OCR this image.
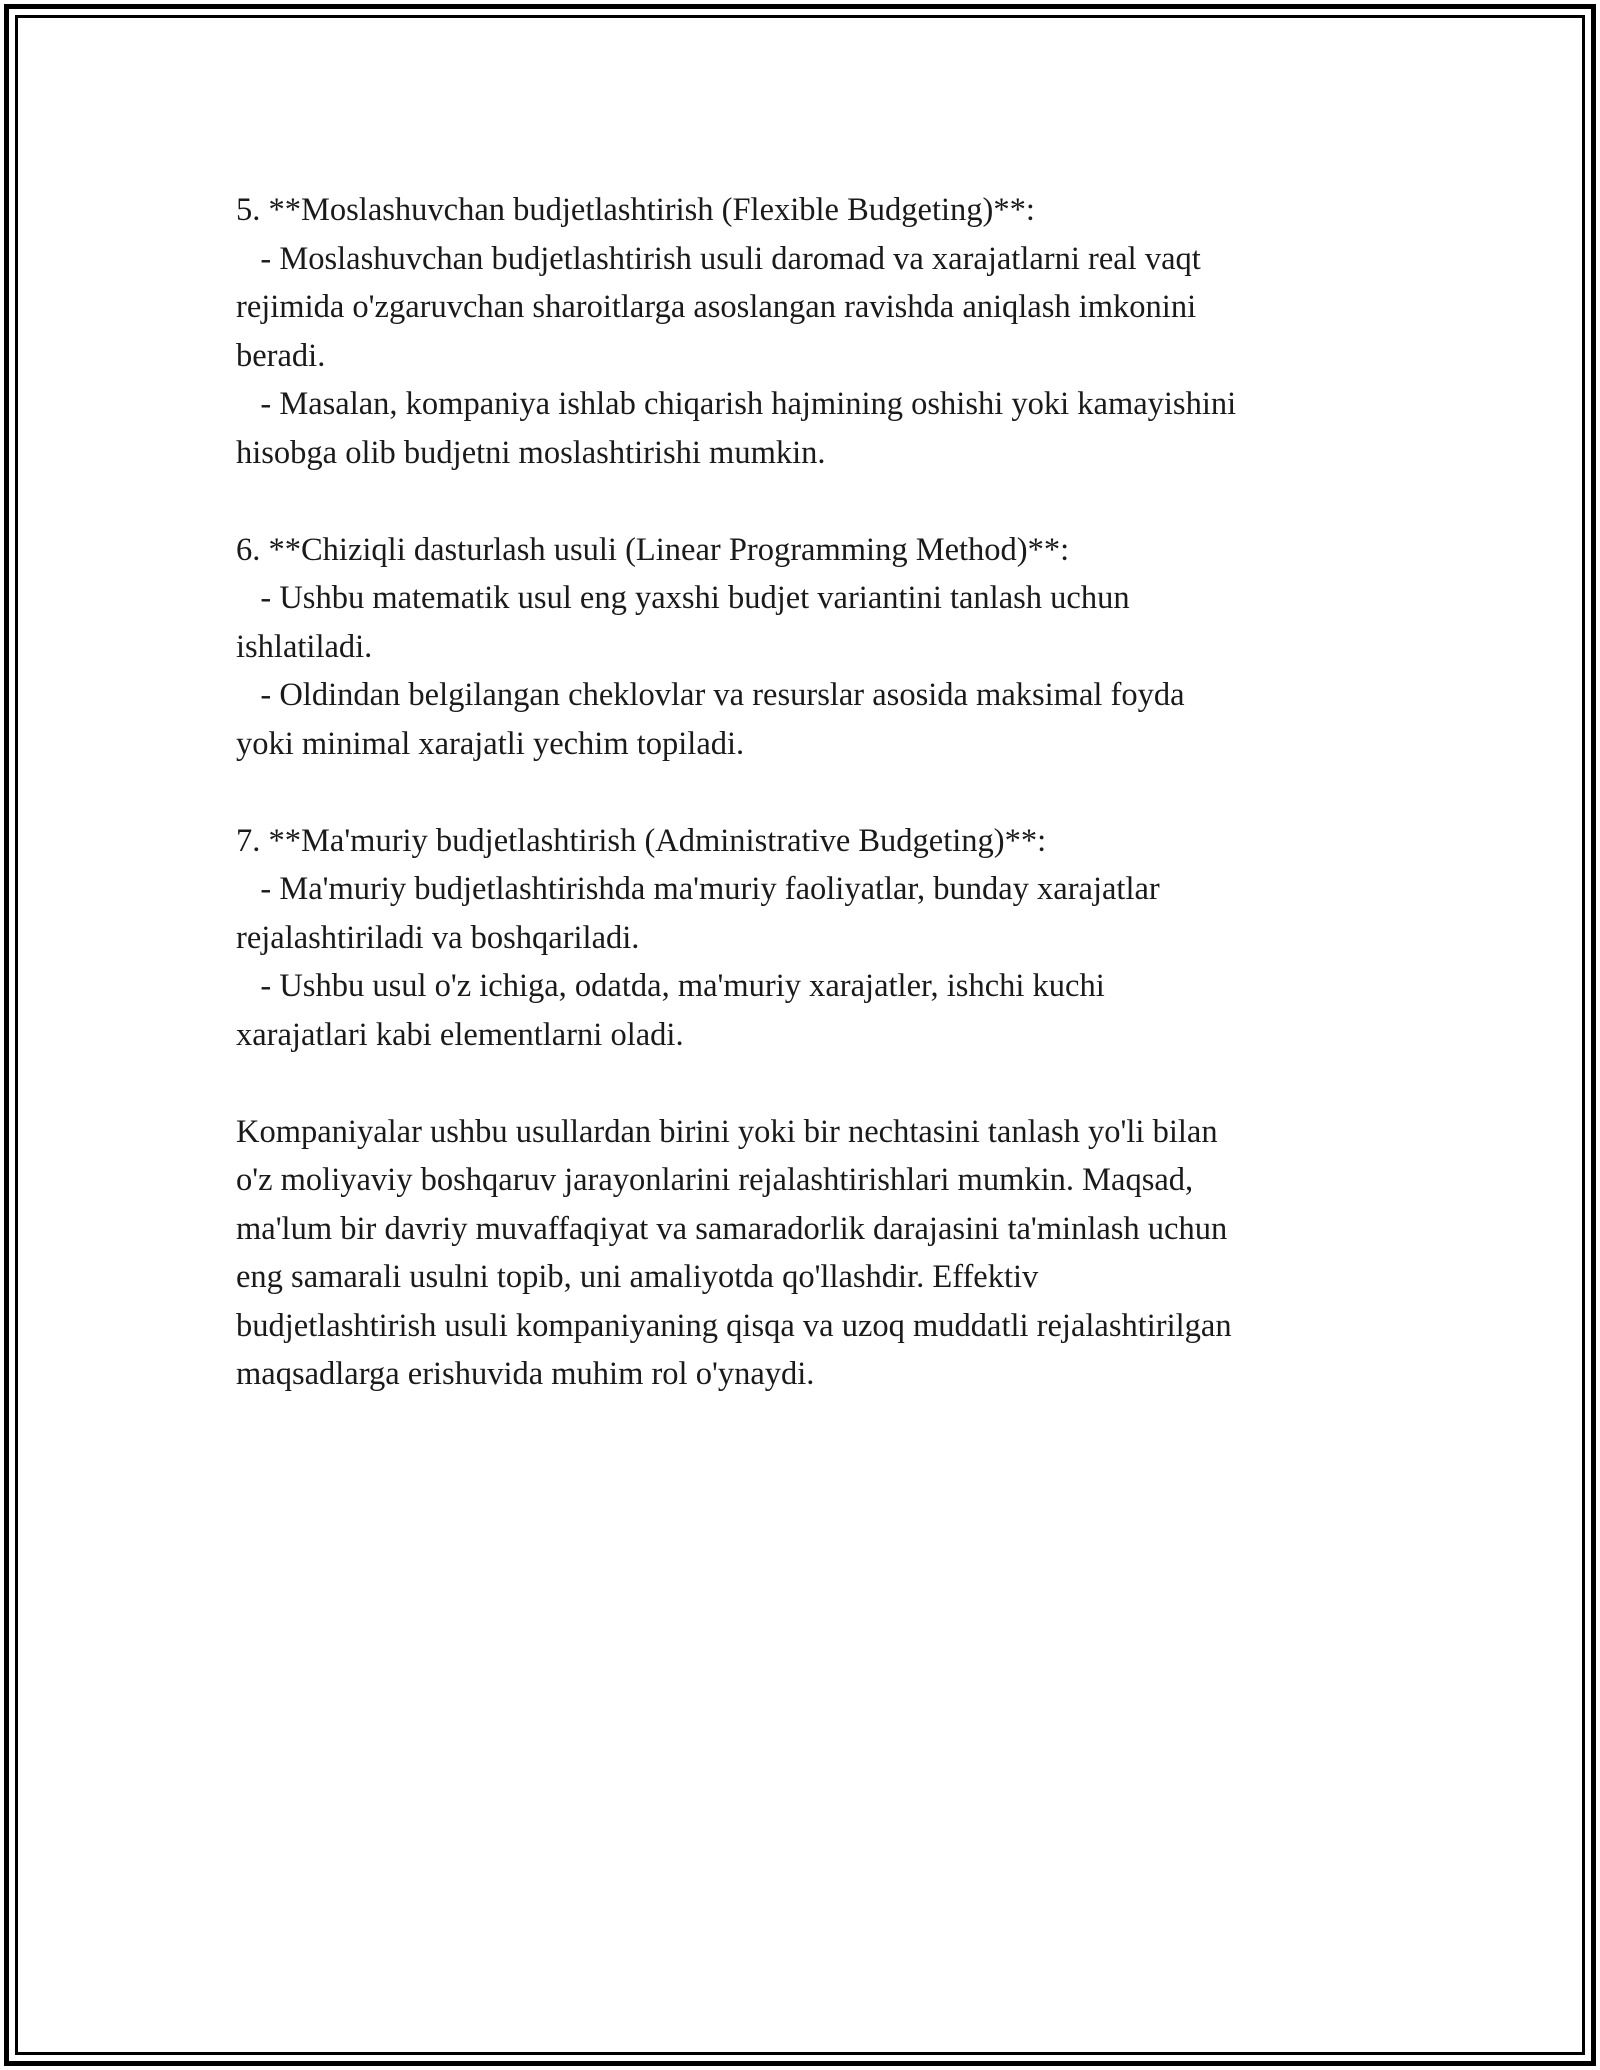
5. **Moslashuvchan budjetlashtirish (Flexible Budgeting)**:
- Moslashuvchan budjetlashtirish usuli daromad va xarajatlarni real vaqt
rejimida o'zgaruvchan sharoitlarga asoslangan ravishda aniqlash imkonini
beradi.
- Masalan, kompaniya ishlab chiqarish hajmining oshishi yoki kamayishini
hisobga olib budjetni moslashtirishi mumkin.
6. **Chiziqli dasturlash usuli (Linear Programming Method)**:
- Ushbu matematik usul eng yaxshi budjet variantini tanlash uchun
ishlatiladi.
- Oldindan belgilangan cheklovlar va resurslar asosida maksimal foyda
yoki minimal xarajatli yechim topiladi.
7. **Ma'muriy budjetlashtirish (Administrative Budgeting)**:
- Ma'muriy budjetlashtirishda ma'muriy faoliyatlar, bunday xarajatlar
rejalashtiriladi va boshqariladi.
- Ushbu usul o'z ichiga, odatda, ma'muriy xarajatler, ishchi kuchi
xarajatlari kabi elementlarni oladi.
Kompaniyalar ushbu usullardan birini yoki bir nechtasini tanlash yo'li bilan
o'z moliyaviy boshqaruv jarayonlarini rejalashtirishlari mumkin. Maqsad,
ma'lum bir davriy muvaffaqiyat va samaradorlik darajasini ta'minlash uchun
eng samarali usulni topib, uni amaliyotda qo'llashdir. Effektiv
budjetlashtirish usuli kompaniyaning qisqa va uzoq muddatli rejalashtirilgan
maqsadlarga erishuvida muhim rol o'ynaydi.
